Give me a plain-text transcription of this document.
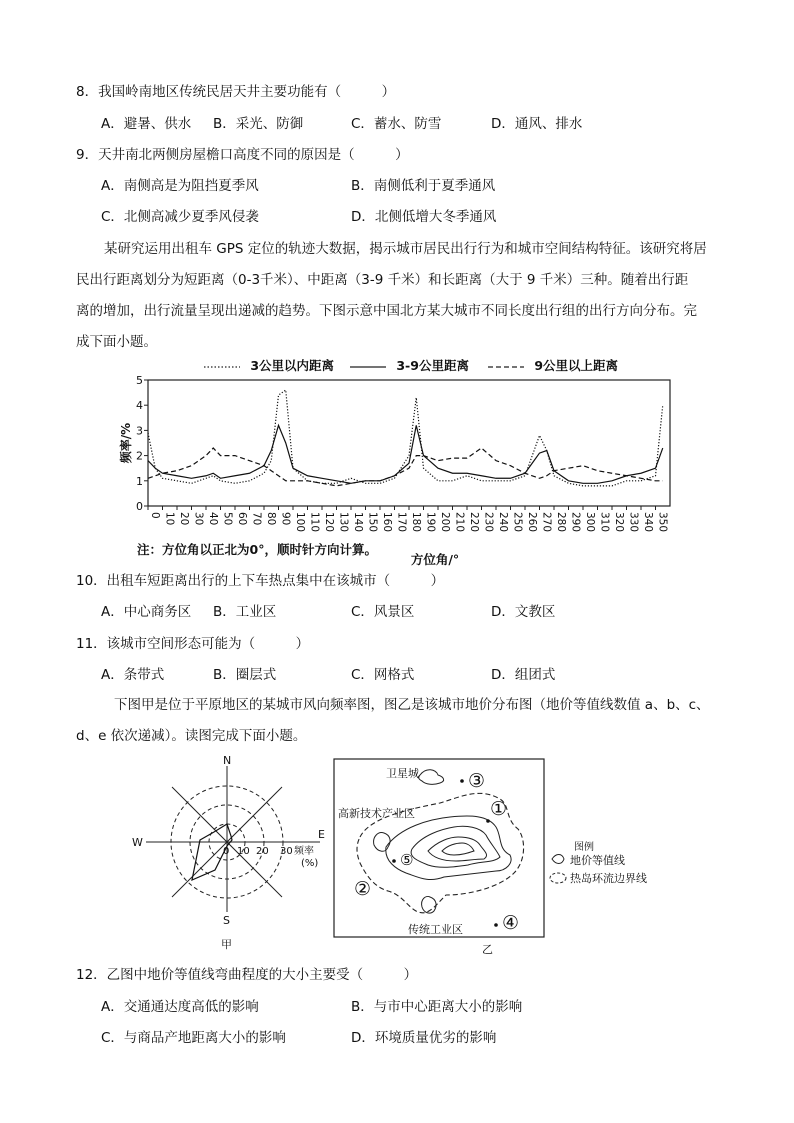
8．我国岭南地区传统民居天井主要功能有（　　　）
A．避暑、供水 B．采光、防御	C．蓄水、防雪	D．通风、排水
9．天井南北两侧房屋檐口高度不同的原因是（　　　）
A．南侧高是为阻挡夏季风	B．南侧低利于夏季通风
C．北侧高减少夏季风侵袭	D．北侧低增大冬季通风
某研究运用出租车 GPS 定位的轨迹大数据，揭示城市居民出行行为和城市空间结构特征。该研究将居
民出行距离划分为短距离（0-3千米）、中距离（3-9 千米）和长距离（大于 9 千米）三种。随着出行距
离的增加，出行流量呈现出递减的趋势。下图示意中国北方某大城市不同长度出行组的出行方向分布。完
成下面小题。
3公里以内距离	3-9公里距离	9公里以上距离
0
1
2
3
4
5
0 10 20 30 40 50 60 70 80 90 100 110 120 130 140 150 160 170 180 190 200 210 220 230 240 250 260 270 280 290 300 310 320 330 340 350
频率/%
方位角/°
注：方位角以正北为0°，顺时针方向计算。
10．出租车短距离出行的上下车热点集中在该城市（　　　）
A．中心商务区 B．工业区	C．风景区	D．文教区
11．该城市空间形态可能为（　　　）
A．条带式	B．圈层式	C．网格式	D．组团式
下图甲是位于平原地区的某城市风向频率图，图乙是该城市地价分布图（地价等值线数值 a、b、c、
d、e 依次递减）。读图完成下面小题。
N
S
W
E
0 10 20 30 频率
(%)
甲
卫星城
高新技术产业区
传统工业区
③
①
⑤
②
④
图例
地价等值线
热岛环流边界线
乙
12．乙图中地价等值线弯曲程度的大小主要受（　　　）
A．交通通达度高低的影响	B．与市中心距离大小的影响
C．与商品产地距离大小的影响	D．环境质量优劣的影响
